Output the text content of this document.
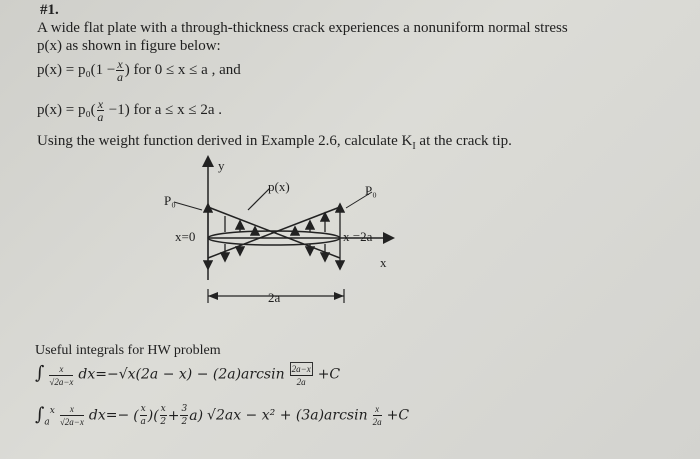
#1.
A wide flat plate with a through-thickness crack experiences a nonuniform normal stress
p(x) as shown in figure below:
$p(x) = p_0(1 - \frac{x}{a}$ ) for 0 ≤ x ≤ a , and
$p(x) = p_0( \frac{x}{a} -1)$ for a ≤ x ≤ 2a .
Using the weight function derived in Example 2.6, calculate $K_I$ at the crack tip.
y
p(x)
P₀
P₀
x=0	x =2a
x
2a
Useful integrals for HW problem
∫ $\frac{x}{√2a-x} dx=-√x(2a - x) - (2a)\arcsin \frac{2a-x}{2a} +C$
$\int_a^x \frac{x}{√2a-x} dx=-$ ( $\frac{x}{a}$ )( $\frac{x}{2} + \frac{3}{2} a$) $√2ax - x^2 + (3a)\arcsin \frac{x}{2a} +C$
